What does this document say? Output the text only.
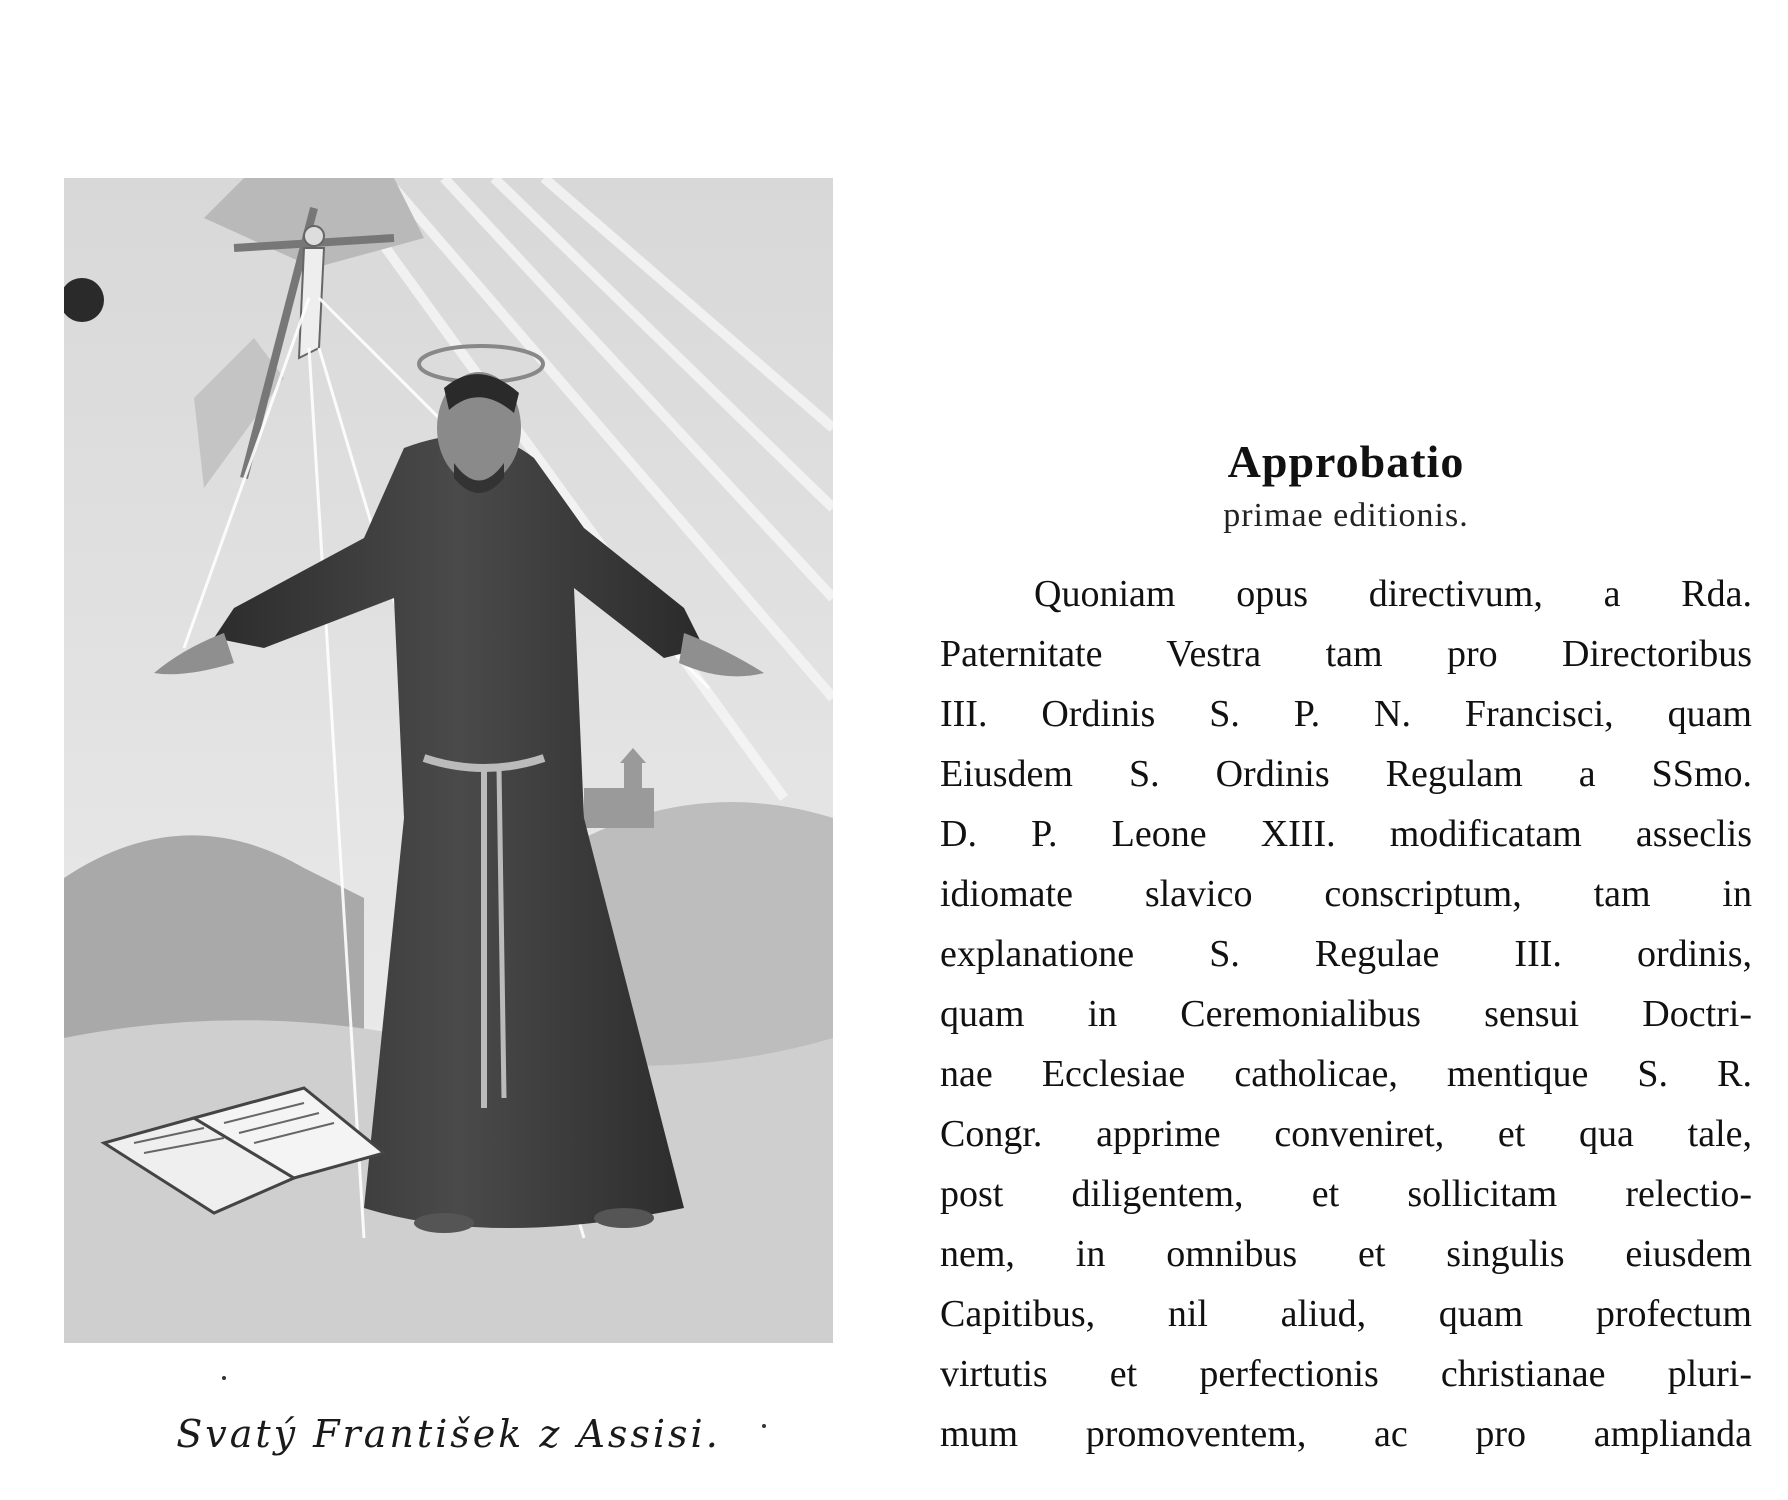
Svatý František z Assisi.
Approbatio

primae editionis.

Quoniam opus directivum, a Rda.
Paternitate Vestra tam pro Directoribus
III. Ordinis S. P. N. Francisci, quam
Eiusdem S. Ordinis Regulam a SSmo.
D. P. Leone XIII. modificatam asseclis
idiomate slavico conscriptum, tam in
explanatione S. Regulae III. ordinis,
quam in Ceremonialibus sensui Doctri-
nae Ecclesiae catholicae, mentique S. R.
Congr. apprime conveniret, et qua tale,
post diligentem, et sollicitam relectio-
nem, in omnibus et singulis eiusdem
Capitibus, nil aliud, quam profectum
virtutis et perfectionis christianae pluri-
mum promoventem, ac pro amplianda
